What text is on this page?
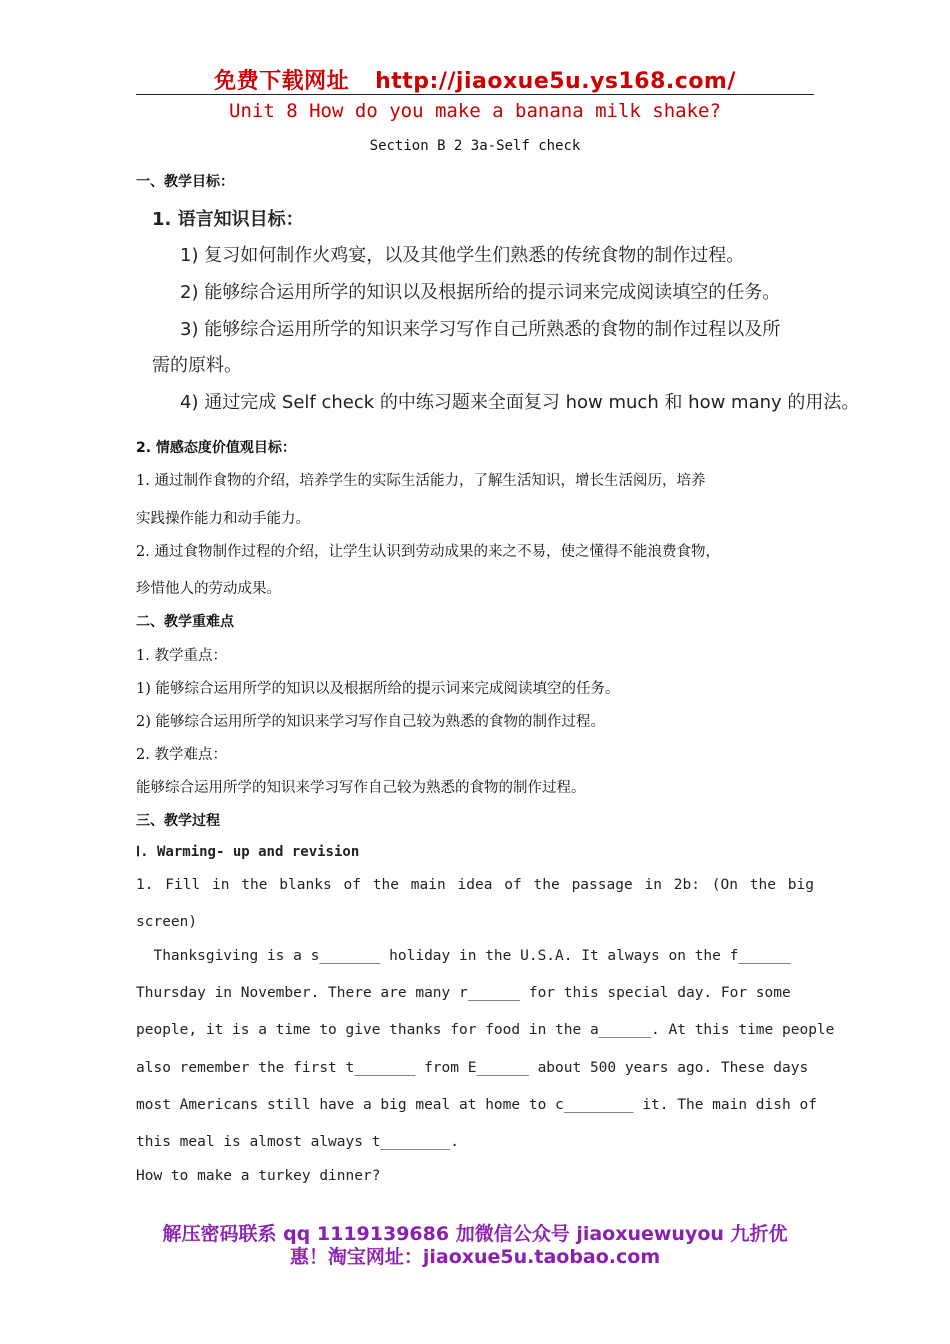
免费下载网址 http://jiaoxue5u.ys168.com/
Unit 8 How do you make a banana milk shake?
Section B 2 3a-Self check
一、教学目标：
1. 语言知识目标：
1) 复习如何制作火鸡宴，以及其他学生们熟悉的传统食物的制作过程。
2) 能够综合运用所学的知识以及根据所给的提示词来完成阅读填空的任务。
3) 能够综合运用所学的知识来学习写作自己所熟悉的食物的制作过程以及所
需的原料。
4) 通过完成 Self check 的中练习题来全面复习 how much 和 how many 的用法。
2. 情感态度价值观目标：
1. 通过制作食物的介绍，培养学生的实际生活能力，了解生活知识，增长生活阅历，培养
实践操作能力和动手能力。
2. 通过食物制作过程的介绍，让学生认识到劳动成果的来之不易，使之懂得不能浪费食物，
珍惜他人的劳动成果。
二、教学重难点
1. 教学重点：
1) 能够综合运用所学的知识以及根据所给的提示词来完成阅读填空的任务。
2) 能够综合运用所学的知识来学习写作自己较为熟悉的食物的制作过程。
2. 教学难点：
能够综合运用所学的知识来学习写作自己较为熟悉的食物的制作过程。
三、教学过程
Ⅰ. Warming- up and revision
1. Fill in the blanks of the main idea of the passage in 2b: (On the big
screen)
Thanksgiving is a s_______ holiday in the U.S.A. It always on the f______
Thursday in November. There are many r______ for this special day. For some
people, it is a time to give thanks for food in the a______. At this time people
also remember the first t_______ from E______ about 500 years ago. These days
most Americans still have a big meal at home to c________ it. The main dish of
this meal is almost always t________.
How to make a turkey dinner?
解压密码联系 qq 1119139686 加微信公众号 jiaoxuewuyou 九折优
惠！淘宝网址：jiaoxue5u.taobao.com
